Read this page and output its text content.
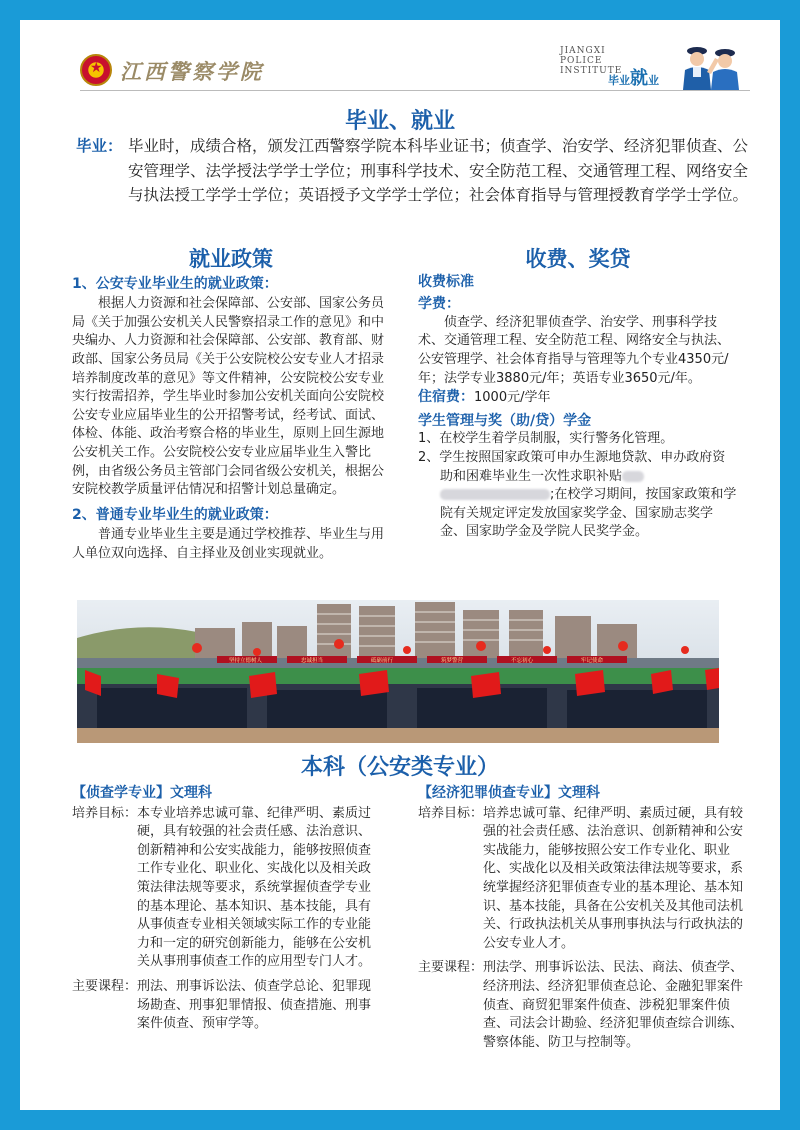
★
江西警察学院
JIANGXI
POLICE
INSTITUTE
毕业就业
毕业、就业
毕业： 毕业时，成绩合格，颁发江西警察学院本科毕业证书；侦查学、治安学、经济犯罪侦查、公安管理学、法学授法学学士学位；刑事科学技术、安全防范工程、交通管理工程、网络安全与执法授工学学士学位；英语授予文学学士学位；社会体育指导与管理授教育学学士学位。
就业政策
1、公安专业毕业生的就业政策：

根据人力资源和社会保障部、公安部、国家公务员局《关于加强公安机关人民警察招录工作的意见》和中央编办、人力资源和社会保障部、公安部、教育部、财政部、国家公务员局《关于公安院校公安专业人才招录培养制度改革的意见》等文件精神，公安院校公安专业实行按需招养，学生毕业时参加公安机关面向公安院校公安专业应届毕业生的公开招警考试，经考试、面试、体检、体能、政治考察合格的毕业生，原则上回生源地公安机关工作。公安院校公安专业应届毕业生入警比例，由省级公务员主管部门会同省级公安机关，根据公安院校教学质量评估情况和招警计划总量确定。

2、普通专业毕业生的就业政策：

普通专业毕业生主要是通过学校推荐、毕业生与用人单位双向选择、自主择业及创业实现就业。

收费、奖贷
收费标准
学费：

侦查学、经济犯罪侦查学、治安学、刑事科学技术、交通管理工程、安全防范工程、网络安全与执法、公安管理学、社会体育指导与管理等九个专业4350元/年；法学专业3880元/年；英语专业3650元/年。

住宿费：1000元/学年

学生管理与奖（助/贷）学金

1、在校学生着学员制服，实行警务化管理。

2、学生按照国家政策可申办生源地贷款、申办政府资助和困难毕业生一次性求职补贴;在校学习期间，按国家政策和学院有关规定评定发放国家奖学金、国家励志奖学金、国家助学金及学院人民奖学金。

坚持立德树人	忠诚担当	砥砺前行	筑梦警营	不忘初心	牢记使命
本科（公安类专业）
【侦查学专业】文理科
培养目标： 本专业培养忠诚可靠、纪律严明、素质过硬，具有较强的社会责任感、法治意识、创新精神和公安实战能力，能够按照侦查工作专业化、职业化、实战化以及相关政策法律法规等要求，系统掌握侦查学专业的基本理论、基本知识、基本技能，具有从事侦查专业相关领域实际工作的专业能力和一定的研究创新能力，能够在公安机关从事刑事侦查工作的应用型专门人才。
主要课程： 刑法、刑事诉讼法、侦查学总论、犯罪现场勘查、刑事犯罪情报、侦查措施、刑事案件侦查、预审学等。
【经济犯罪侦查专业】文理科
培养目标： 培养忠诚可靠、纪律严明、素质过硬，具有较强的社会责任感、法治意识、创新精神和公安实战能力，能够按照公安工作专业化、职业化、实战化以及相关政策法律法规等要求，系统掌握经济犯罪侦查专业的基本理论、基本知识、基本技能，具备在公安机关及其他司法机关、行政执法机关从事刑事执法与行政执法的公安专业人才。
主要课程： 刑法学、刑事诉讼法、民法、商法、侦查学、经济刑法、经济犯罪侦查总论、金融犯罪案件侦查、商贸犯罪案件侦查、涉税犯罪案件侦查、司法会计勘验、经济犯罪侦查综合训练、警察体能、防卫与控制等。
